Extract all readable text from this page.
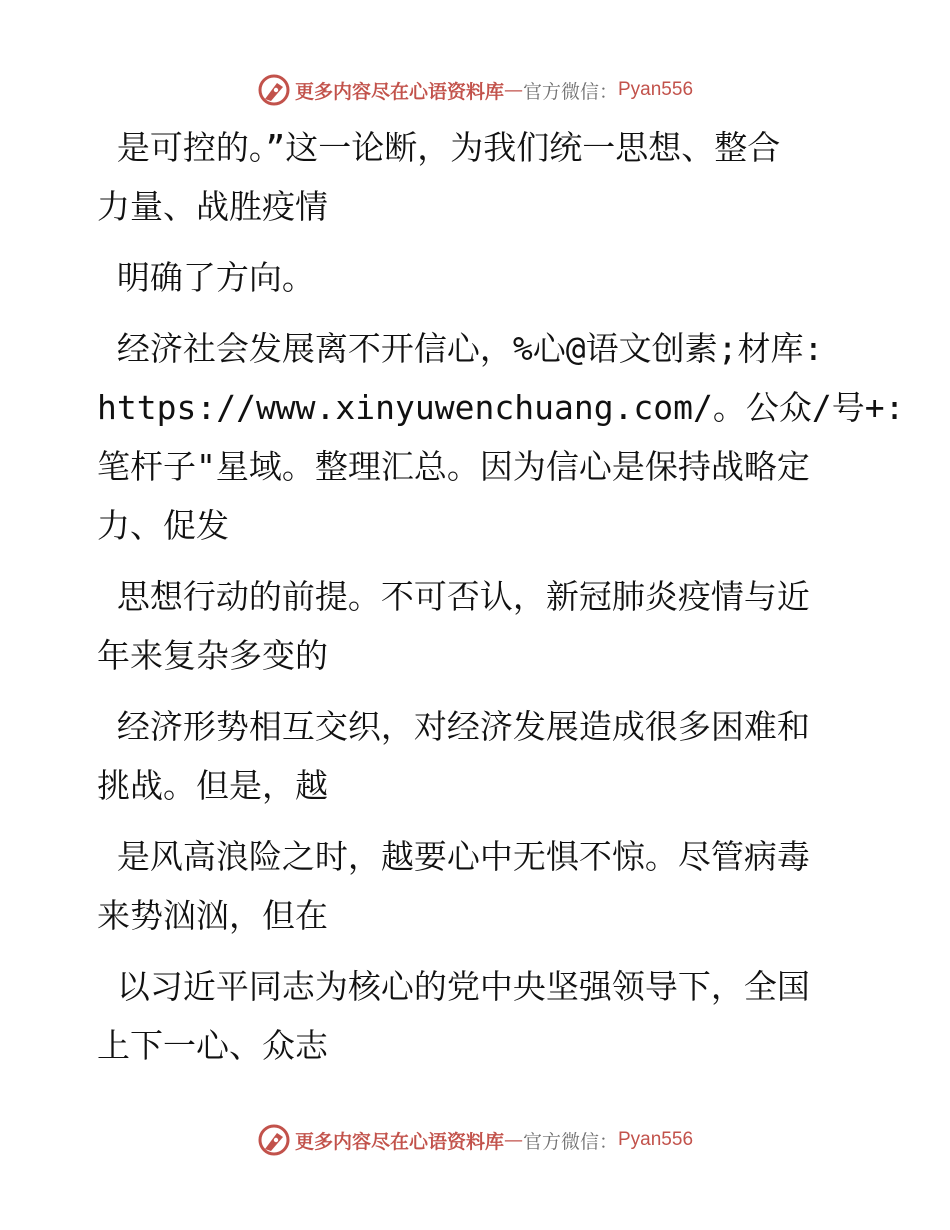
更多内容尽在心语资料库 — 官方微信： Pyan556
是可控的。”这一论断，为我们统一思想、整合
力量、战胜疫情
明确了方向。
经济社会发展离不开信心，%心@语文创素;材库:
https://www.xinyuwenchuang.com/。公众/号+:
笔杆子"星域。整理汇总。因为信心是保持战略定
力、促发
思想行动的前提。不可否认，新冠肺炎疫情与近
年来复杂多变的
经济形势相互交织，对经济发展造成很多困难和
挑战。但是，越
是风高浪险之时，越要心中无惧不惊。尽管病毒
来势汹汹，但在
以习近平同志为核心的党中央坚强领导下，全国
上下一心、众志
更多内容尽在心语资料库 — 官方微信： Pyan556
